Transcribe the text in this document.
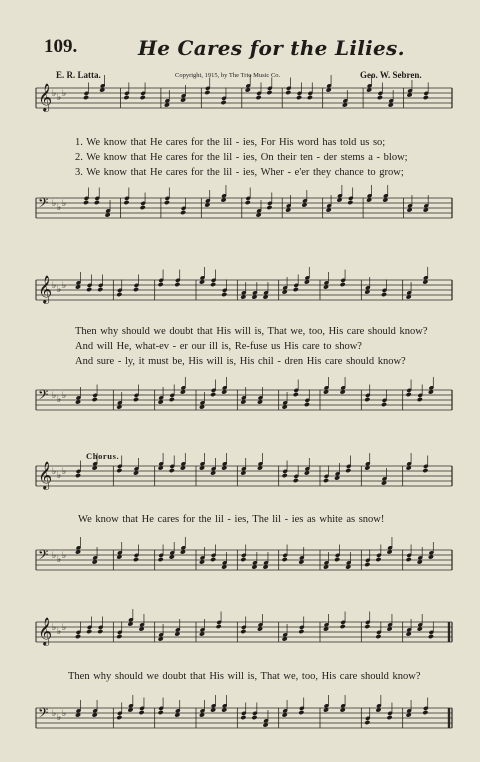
109.	He Cares for the Lilies.
E. R. Latta.	Copyright, 1915, by The Trio Music Co.	Geo. W. Sebren.
𝄞 ♭ ♭ ♭
1. We know that He cares for the lil - ies, For His word has told us so;
2. We know that He cares for the lil - ies, On their ten - der stems a - blow;
3. We know that He cares for the lil - ies, Wher - e'er they chance to grow;
𝄢 ♭ ♭ ♭
𝄞 ♭ ♭ ♭
Then why should we doubt that His will is, That we, too, His care should know?
And will He, what-ev - er our ill is, Re-fuse us His care to show?
And sure - ly, it must be, His will is, His chil - dren His care should know?
𝄢 ♭ ♭ ♭
Chorus.
𝄞 ♭ ♭ ♭
We know that He cares for the lil - ies, The lil - ies as white as snow!
𝄢 ♭ ♭ ♭
𝄞 ♭ ♭ ♭
Then why should we doubt that His will is, That we, too, His care should know?
𝄢 ♭ ♭ ♭
